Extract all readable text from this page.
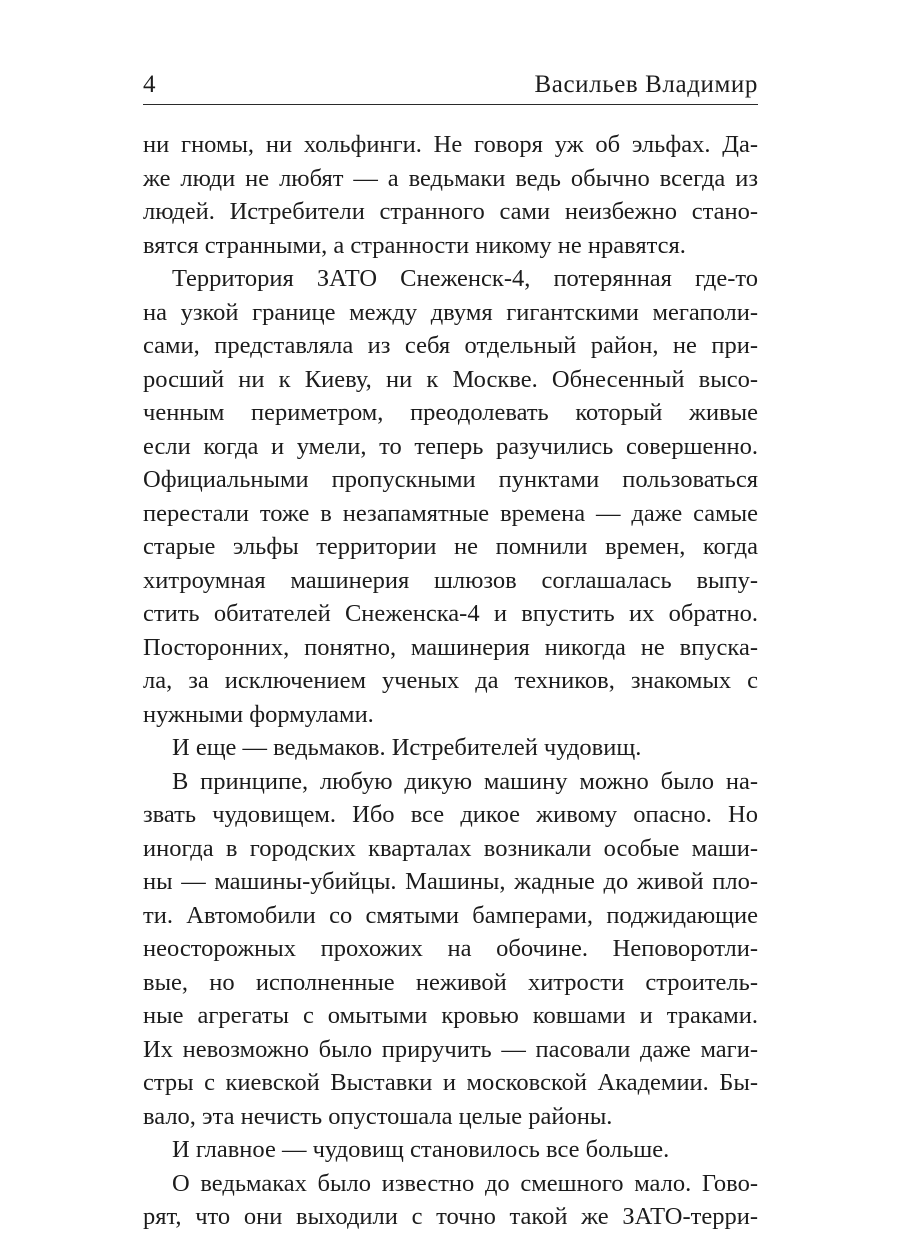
4	Васильев Владимир
ни гномы, ни хольфинги. Не говоря уж об эльфах. Да-
же люди не любят — а ведьмаки ведь обычно всегда из
людей. Истребители странного сами неизбежно стано-
вятся странными, а странности никому не нравятся.
Территория ЗАТО Снеженск-4, потерянная где-то
на узкой границе между двумя гигантскими мегаполи-
сами, представляла из себя отдельный район, не при-
росший ни к Киеву, ни к Москве. Обнесенный высо-
ченным периметром, преодолевать который живые
если когда и умели, то теперь разучились совершенно.
Официальными пропускными пунктами пользоваться
перестали тоже в незапамятные времена — даже самые
старые эльфы территории не помнили времен, когда
хитроумная машинерия шлюзов соглашалась выпу-
стить обитателей Снеженска-4 и впустить их обратно.
Посторонних, понятно, машинерия никогда не впуска-
ла, за исключением ученых да техников, знакомых с
нужными формулами.
И еще — ведьмаков. Истребителей чудовищ.
В принципе, любую дикую машину можно было на-
звать чудовищем. Ибо все дикое живому опасно. Но
иногда в городских кварталах возникали особые маши-
ны — машины-убийцы. Машины, жадные до живой пло-
ти. Автомобили со смятыми бамперами, поджидающие
неосторожных прохожих на обочине. Неповоротли-
вые, но исполненные неживой хитрости строитель-
ные агрегаты с омытыми кровью ковшами и траками.
Их невозможно было приручить — пасовали даже маги-
стры с киевской Выставки и московской Академии. Бы-
вало, эта нечисть опустошала целые районы.
И главное — чудовищ становилось все больше.
О ведьмаках было известно до смешного мало. Гово-
рят, что они выходили с точно такой же ЗАТО-терри-
